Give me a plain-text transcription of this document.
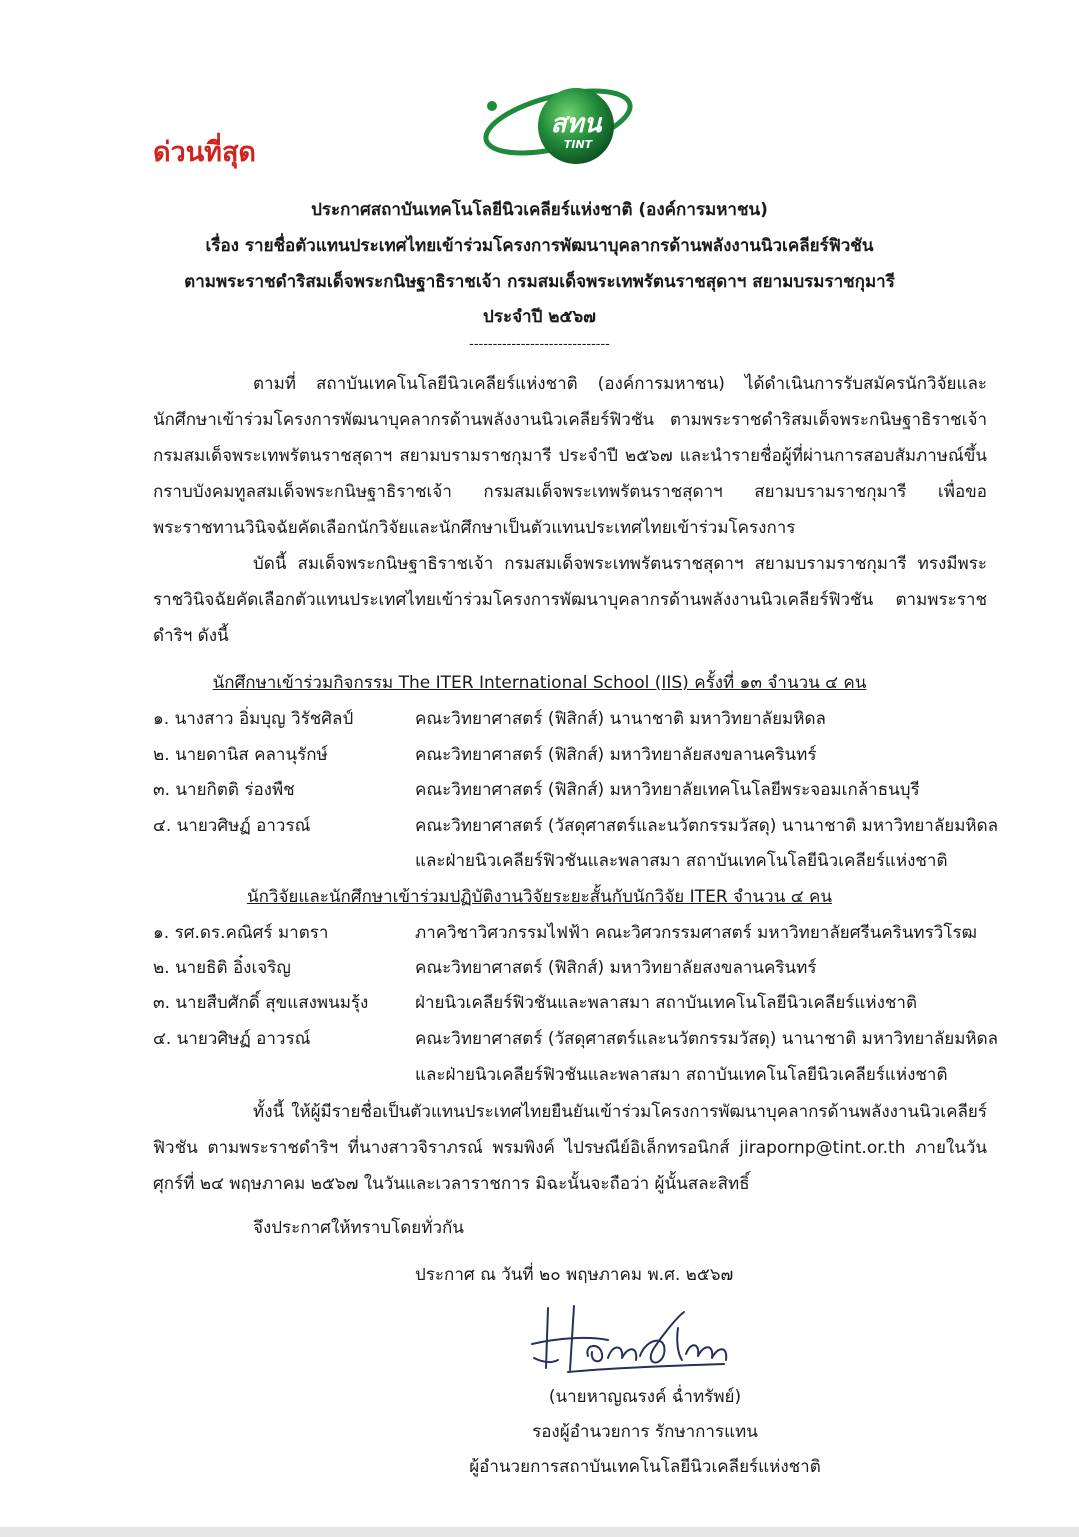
ด่วนที่สุด
สทน
TINT
ประกาศสถาบันเทคโนโลยีนิวเคลียร์แห่งชาติ (องค์การมหาชน)
เรื่อง รายชื่อตัวแทนประเทศไทยเข้าร่วมโครงการพัฒนาบุคลากรด้านพลังงานนิวเคลียร์ฟิวชัน
ตามพระราชดำริสมเด็จพระกนิษฐาธิราชเจ้า กรมสมเด็จพระเทพรัตนราชสุดาฯ สยามบรมราชกุมารี
ประจำปี ๒๕๖๗
------------------------------
ตามที่ สถาบันเทคโนโลยีนิวเคลียร์แห่งชาติ (องค์การมหาชน) ได้ดำเนินการรับสมัครนักวิจัยและนักศึกษาเข้าร่วมโครงการพัฒนาบุคลากรด้านพลังงานนิวเคลียร์ฟิวชัน ตามพระราชดำริสมเด็จพระกนิษฐาธิราชเจ้า กรมสมเด็จพระเทพรัตนราชสุดาฯ สยามบรามราชกุมารี ประจำปี ๒๕๖๗ และนำรายชื่อผู้ที่ผ่านการสอบสัมภาษณ์ขึ้นกราบบังคมทูลสมเด็จพระกนิษฐาธิราชเจ้า กรมสมเด็จพระเทพรัตนราชสุดาฯ สยามบรามราชกุมารี เพื่อขอพระราชทานวินิจฉัยคัดเลือกนักวิจัยและนักศึกษาเป็นตัวแทนประเทศไทยเข้าร่วมโครงการ
บัดนี้ สมเด็จพระกนิษฐาธิราชเจ้า กรมสมเด็จพระเทพรัตนราชสุดาฯ สยามบรามราชกุมารี ทรงมีพระราชวินิจฉัยคัดเลือกตัวแทนประเทศไทยเข้าร่วมโครงการพัฒนาบุคลากรด้านพลังงานนิวเคลียร์ฟิวชัน ตามพระราชดำริฯ ดังนี้
นักศึกษาเข้าร่วมกิจกรรม The ITER International School (IIS) ครั้งที่ ๑๓ จำนวน ๔ คน
๑. นางสาว อิ่มบุญ วิรัชศิลป์	คณะวิทยาศาสตร์ (ฟิสิกส์) นานาชาติ มหาวิทยาลัยมหิดล
๒. นายดานิส คลานุรักษ์	คณะวิทยาศาสตร์ (ฟิสิกส์) มหาวิทยาลัยสงขลานครินทร์
๓. นายกิตติ ร่องพืช	คณะวิทยาศาสตร์ (ฟิสิกส์) มหาวิทยาลัยเทคโนโลยีพระจอมเกล้าธนบุรี
๔. นายวศิษฏ์ อาวรณ์	คณะวิทยาศาสตร์ (วัสดุศาสตร์และนวัตกรรมวัสดุ) นานาชาติ มหาวิทยาลัยมหิดล
และฝ่ายนิวเคลียร์ฟิวชันและพลาสมา สถาบันเทคโนโลยีนิวเคลียร์แห่งชาติ
นักวิจัยและนักศึกษาเข้าร่วมปฏิบัติงานวิจัยระยะสั้นกับนักวิจัย ITER จำนวน ๔ คน
๑. รศ.ดร.คณิศร์ มาตรา	ภาควิชาวิศวกรรมไฟฟ้า คณะวิศวกรรมศาสตร์ มหาวิทยาลัยศรีนครินทรวิโรฒ
๒. นายธิติ อิ๋งเจริญ	คณะวิทยาศาสตร์ (ฟิสิกส์) มหาวิทยาลัยสงขลานครินทร์
๓. นายสืบศักดิ์ สุขแสงพนมรุ้ง	ฝ่ายนิวเคลียร์ฟิวชันและพลาสมา สถาบันเทคโนโลยีนิวเคลียร์แห่งชาติ
๔. นายวศิษฏ์ อาวรณ์	คณะวิทยาศาสตร์ (วัสดุศาสตร์และนวัตกรรมวัสดุ) นานาชาติ มหาวิทยาลัยมหิดล
และฝ่ายนิวเคลียร์ฟิวชันและพลาสมา สถาบันเทคโนโลยีนิวเคลียร์แห่งชาติ
ทั้งนี้ ให้ผู้มีรายชื่อเป็นตัวแทนประเทศไทยยืนยันเข้าร่วมโครงการพัฒนาบุคลากรด้านพลังงานนิวเคลียร์ฟิวชัน ตามพระราชดำริฯ ที่นางสาวจิราภรณ์ พรมพิงค์ ไปรษณีย์อิเล็กทรอนิกส์ jirapornp@tint.or.th ภายในวันศุกร์ที่ ๒๔ พฤษภาคม ๒๕๖๗ ในวันและเวลาราชการ มิฉะนั้นจะถือว่า ผู้นั้นสละสิทธิ์
จึงประกาศให้ทราบโดยทั่วกัน
ประกาศ ณ วันที่ ๒๐ พฤษภาคม พ.ศ. ๒๕๖๗
(นายหาญณรงค์ ฉ่ำทรัพย์)
รองผู้อำนวยการ รักษาการแทน
ผู้อำนวยการสถาบันเทคโนโลยีนิวเคลียร์แห่งชาติ
